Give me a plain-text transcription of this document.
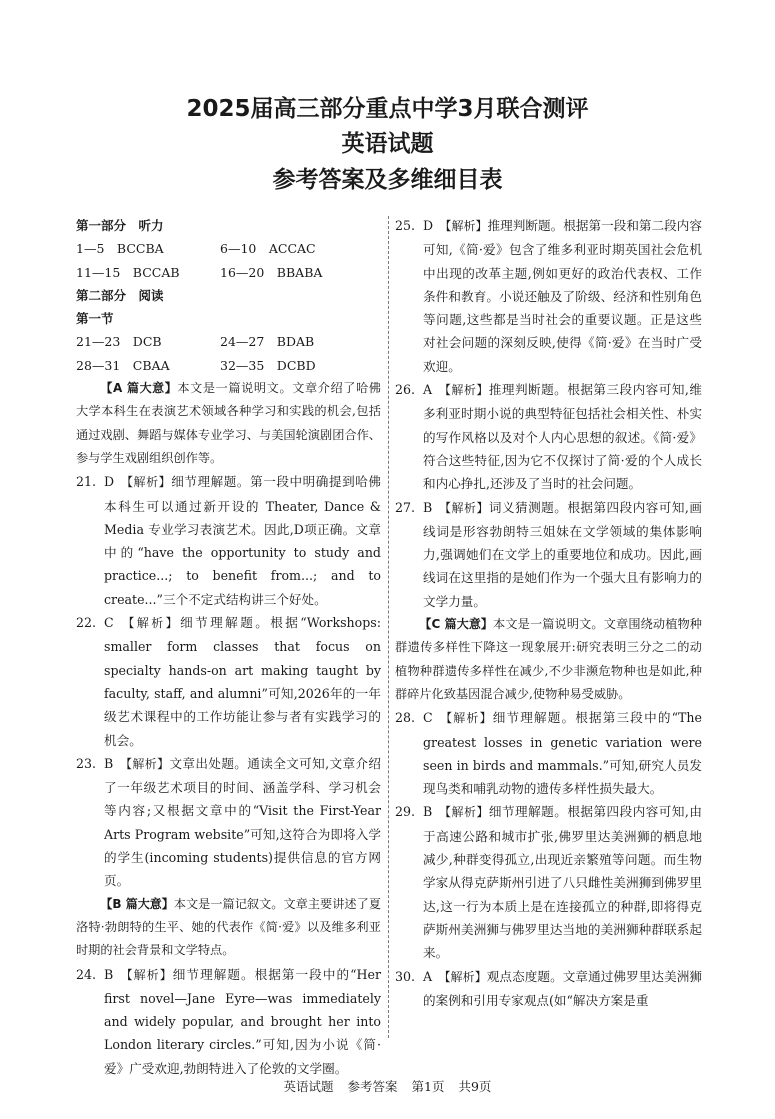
2025届高三部分重点中学3月联合测评
英语试题
参考答案及多维细目表
第一部分　听力
1—5　BCCBA	6—10　ACCAC
11—15　BCCAB	16—20　BBABA
第二部分　阅读
第一节
21—23　DCB	24—27　BDAB
28—31　CBAA	32—35　DCBD
【A 篇大意】本文是一篇说明文。文章介绍了哈佛大学本科生在表演艺术领域各种学习和实践的机会,包括通过戏剧、舞蹈与媒体专业学习、与美国轮演剧团合作、参与学生戏剧组织创作等。
21. D  【解析】细节理解题。第一段中明确提到哈佛本科生可以通过新开设的 Theater, Dance & Media 专业学习表演艺术。因此,D项正确。文章中的“have the opportunity to study and practice...; to benefit from...; and to create...”三个不定式结构讲三个好处。
22. C  【解析】细节理解题。根据“Workshops: smaller form classes that focus on specialty hands-on art making taught by faculty, staff, and alumni”可知,2026年的一年级艺术课程中的工作坊能让参与者有实践学习的机会。
23. B  【解析】文章出处题。通读全文可知,文章介绍了一年级艺术项目的时间、涵盖学科、学习机会等内容;又根据文章中的“Visit the First-Year Arts Program website”可知,这符合为即将入学的学生(incoming students)提供信息的官方网页。
【B 篇大意】本文是一篇记叙文。文章主要讲述了夏洛特·勃朗特的生平、她的代表作《简·爱》以及维多利亚时期的社会背景和文学特点。
24. B  【解析】细节理解题。根据第一段中的“Her first novel—Jane Eyre—was immediately and widely popular, and brought her into London literary circles.”可知,因为小说《简·爱》广受欢迎,勃朗特进入了伦敦的文学圈。
25. D  【解析】推理判断题。根据第一段和第二段内容可知,《简·爱》包含了维多利亚时期英国社会危机中出现的改革主题,例如更好的政治代表权、工作条件和教育。小说还触及了阶级、经济和性别角色等问题,这些都是当时社会的重要议题。正是这些对社会问题的深刻反映,使得《简·爱》在当时广受欢迎。
26. A  【解析】推理判断题。根据第三段内容可知,维多利亚时期小说的典型特征包括社会相关性、朴实的写作风格以及对个人内心思想的叙述。《简·爱》符合这些特征,因为它不仅探讨了简·爱的个人成长和内心挣扎,还涉及了当时的社会问题。
27. B  【解析】词义猜测题。根据第四段内容可知,画线词是形容勃朗特三姐妹在文学领域的集体影响力,强调她们在文学上的重要地位和成功。因此,画线词在这里指的是她们作为一个强大且有影响力的文学力量。
【C 篇大意】本文是一篇说明文。文章围绕动植物种群遗传多样性下降这一现象展开:研究表明三分之二的动植物种群遗传多样性在减少,不少非濒危物种也是如此,种群碎片化致基因混合减少,使物种易受威胁。
28. C  【解析】细节理解题。根据第三段中的“The greatest losses in genetic variation were seen in birds and mammals.”可知,研究人员发现鸟类和哺乳动物的遗传多样性损失最大。
29. B  【解析】细节理解题。根据第四段内容可知,由于高速公路和城市扩张,佛罗里达美洲狮的栖息地减少,种群变得孤立,出现近亲繁殖等问题。而生物学家从得克萨斯州引进了八只雌性美洲狮到佛罗里达,这一行为本质上是在连接孤立的种群,即将得克萨斯州美洲狮与佛罗里达当地的美洲狮种群联系起来。
30. A  【解析】观点态度题。文章通过佛罗里达美洲狮的案例和引用专家观点(如“解决方案是重
英语试题 参考答案 第1页 共9页
